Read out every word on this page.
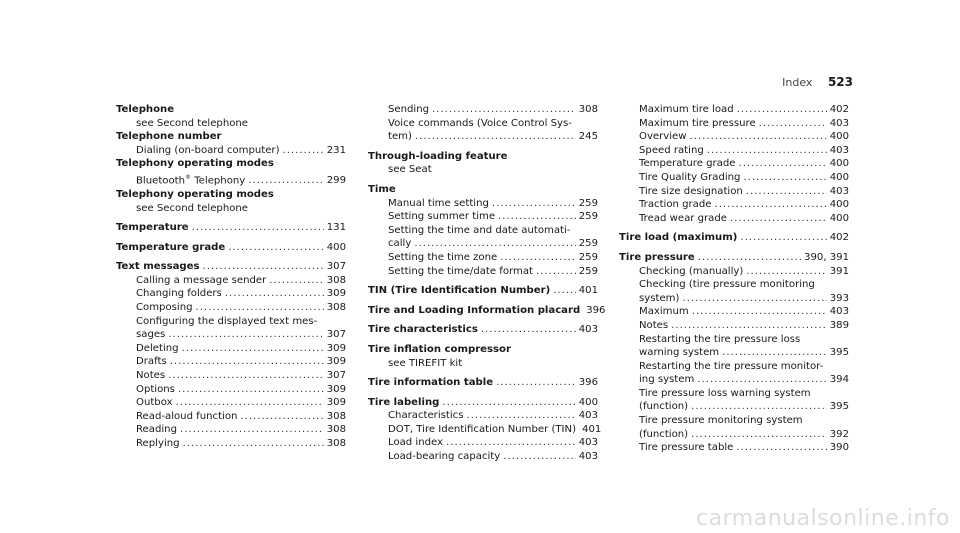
Index 523
Telephone
see Second telephone
Telephone number
Dialing (on-board computer) .....	231
Telephony operating modes
Bluetooth® Telephony .....	299
Telephony operating modes
see Second telephone
Temperature .....	131
Temperature grade .....	400
Text messages .....	307
Calling a message sender .....	308
Changing folders .....	309
Composing .....	308
Configuring the displayed text mes-
sages .....	307
Deleting .....	309
Drafts .....	309
Notes .....	307
Options .....	309
Outbox .....	309
Read-aloud function .....	308
Reading .....	308
Replying .....	308
Sending .....	308
Voice commands (Voice Control Sys-
tem) .....	245
Through-loading feature
see Seat
Time
Manual time setting .....	259
Setting summer time .....	259
Setting the time and date automati-
cally .....	259
Setting the time zone .....	259
Setting the time/date format .....	259
TIN (Tire Identification Number) .....	401
Tire and Loading Information placard 396
Tire characteristics .....	403
Tire inflation compressor
see TIREFIT kit
Tire information table .....	396
Tire labeling .....	400
Characteristics .....	403
DOT, Tire Identification Number (TIN) 401
Load index .....	403
Load-bearing capacity .....	403
Maximum tire load .....	402
Maximum tire pressure .....	403
Overview .....	400
Speed rating .....	403
Temperature grade .....	400
Tire Quality Grading .....	400
Tire size designation .....	403
Traction grade .....	400
Tread wear grade .....	400
Tire load (maximum) .....	402
Tire pressure .....	390, 391
Checking (manually) .....	391
Checking (tire pressure monitoring
system) .....	393
Maximum .....	403
Notes .....	389
Restarting the tire pressure loss
warning system .....	395
Restarting the tire pressure monitor-
ing system .....	394
Tire pressure loss warning system
(function) .....	395
Tire pressure monitoring system
(function) .....	392
Tire pressure table .....	390
carmanualsonline.info
